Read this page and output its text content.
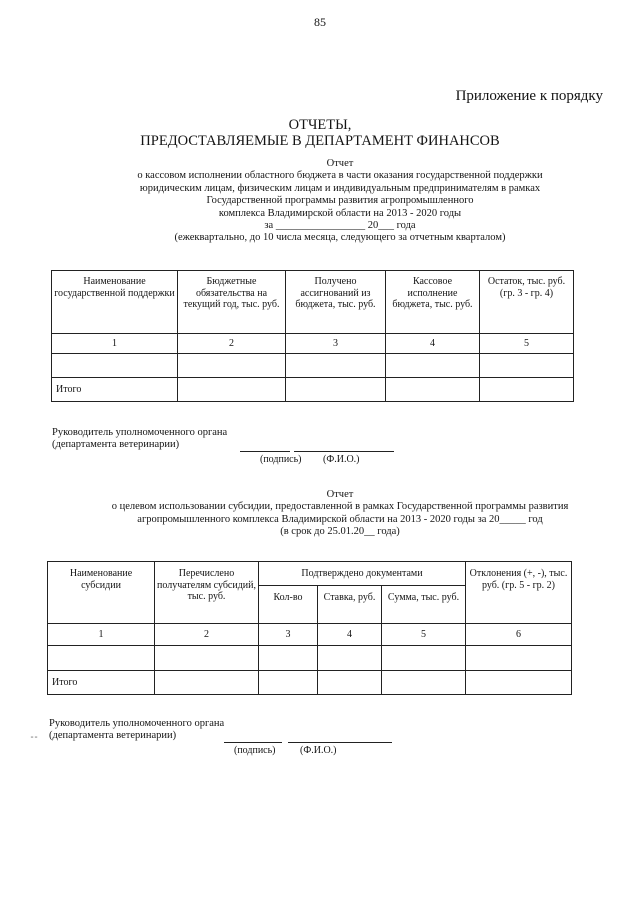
85
Приложение к порядку
ОТЧЕТЫ,
ПРЕДОСТАВЛЯЕМЫЕ В ДЕПАРТАМЕНТ ФИНАНСОВ
Отчет
о кассовом исполнении областного бюджета в части оказания государственной поддержки
юридическим лицам, физическим лицам и индивидуальным предпринимателям в рамках
Государственной программы развития агропромышленного
комплекса Владимирской области на 2013 - 2020 годы
за _________________ 20___ года
(ежеквартально, до 10 числа месяца, следующего за отчетным кварталом)
Наименование государственной поддержки	Бюджетные обязательства на текущий год, тыс. руб.	Получено ассигнований из бюджета, тыс. руб.	Кассовое исполнение бюджета, тыс. руб.	Остаток, тыс. руб. (гр. 3 - гр. 4)
1	2	3	4	5

Итого				
Руководитель уполномоченного органа
(департамента ветеринарии)
(подпись) (Ф.И.О.)
Отчет
о целевом использовании субсидии, предоставленной в рамках Государственной программы развития
агропромышленного комплекса Владимирской области на 2013 - 2020 годы за 20_____ год
(в срок до 25.01.20__ года)
Наименование субсидии	Перечислено получателям субсидий, тыс. руб.	Подтверждено документами			Отклонения (+, -), тыс. руб. (гр. 5 - гр. 2)
		Кол-во	Ставка, руб.	Сумма, тыс. руб.	
1	2	3	4	5	6

Итого					
Руководитель уполномоченного органа
(департамента ветеринарии)
⁃⁃
(подпись) (Ф.И.О.)
